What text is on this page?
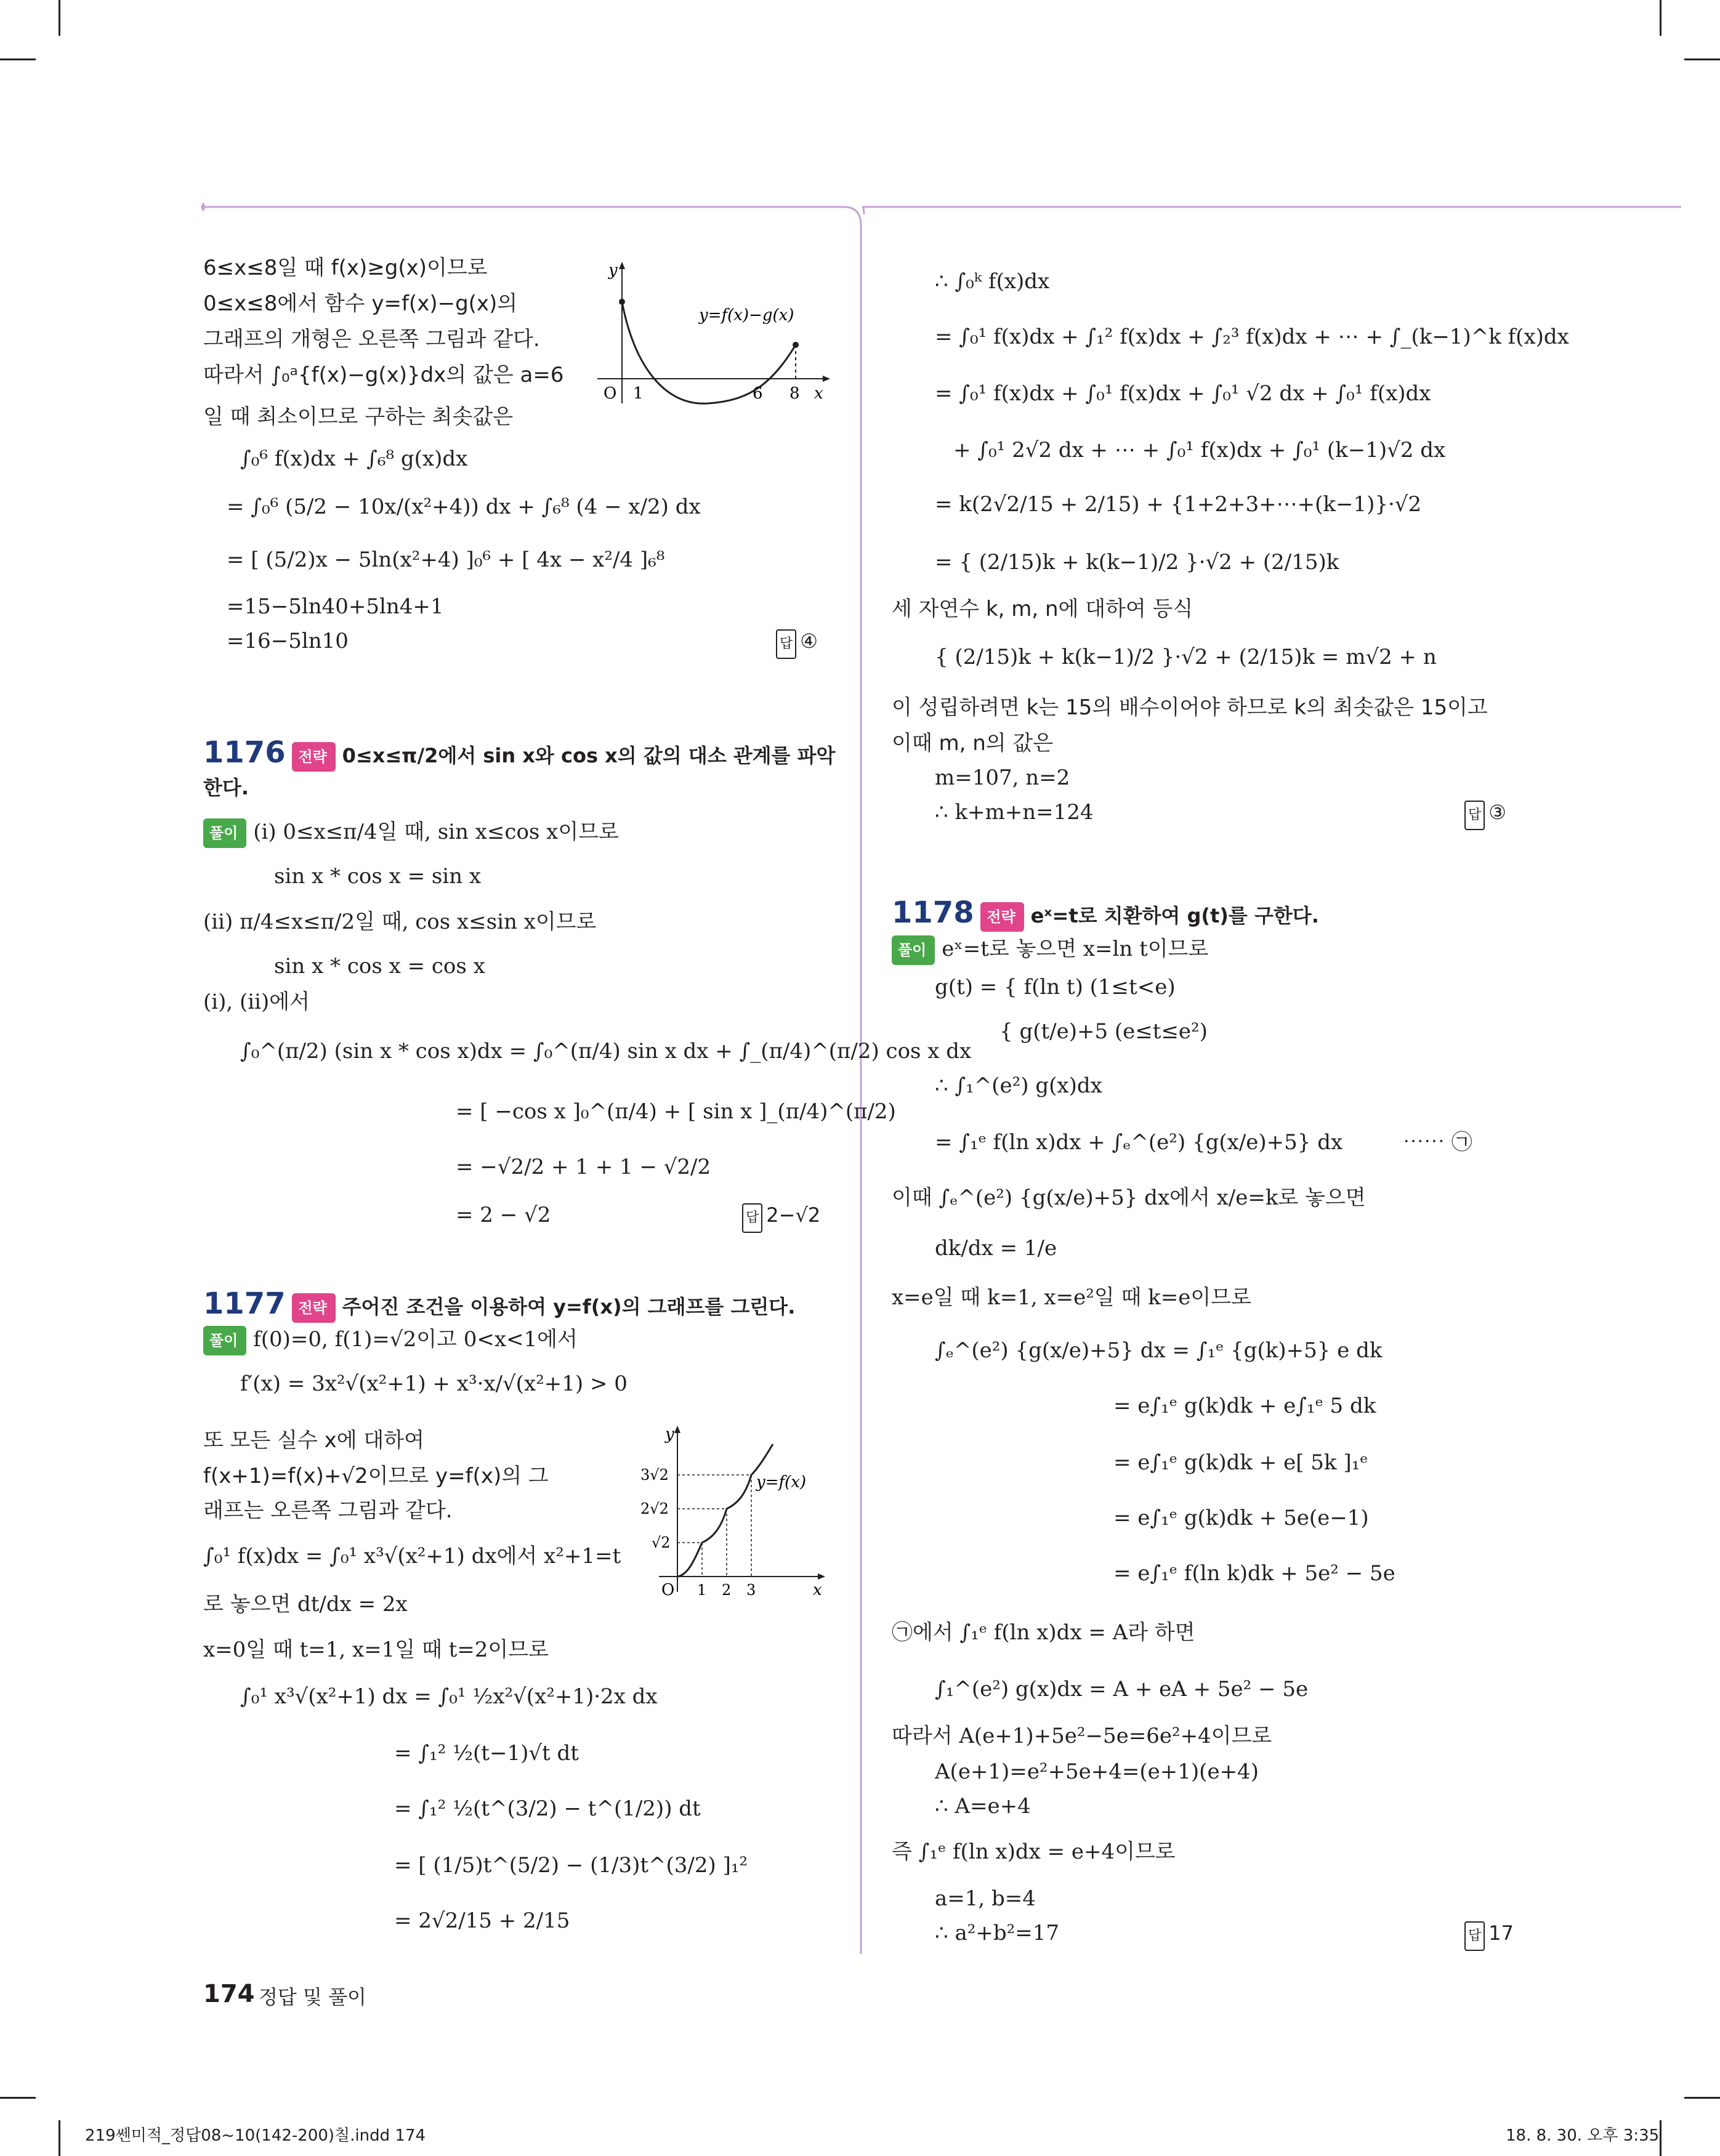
6≤x≤8일 때 f(x)≥g(x)이므로
0≤x≤8에서 함수 y=f(x)−g(x)의
그래프의 개형은 오른쪽 그림과 같다.
따라서 ∫₀ᵃ{f(x)−g(x)}dx의 값은 a=6
일 때 최소이므로 구하는 최솟값은
∫₀⁶ f(x)dx + ∫₆⁸ g(x)dx
= ∫₀⁶ (5/2 − 10x/(x²+4)) dx + ∫₆⁸ (4 − x/2) dx
= [ (5/2)x − 5ln(x²+4) ]₀⁶ + [ 4x − x²/4 ]₆⁸
=15−5ln40+5ln4+1
=16−5ln10	답 ④
y
y=f(x)−g(x)
O 1	6 8 x
1176 전략 0≤x≤π/2에서 sin x와 cos x의 값의 대소 관계를 파악
한다.
풀이 (ⅰ) 0≤x≤π/4일 때, sin x≤cos x이므로
sin x * cos x = sin x
(ⅱ) π/4≤x≤π/2일 때, cos x≤sin x이므로
sin x * cos x = cos x
(ⅰ), (ⅱ)에서
∫₀^(π/2) (sin x * cos x)dx = ∫₀^(π/4) sin x dx + ∫_(π/4)^(π/2) cos x dx
= [ −cos x ]₀^(π/4) + [ sin x ]_(π/4)^(π/2)
= −√2/2 + 1 + 1 − √2/2
= 2 − √2	답 2−√2
1177 전략 주어진 조건을 이용하여 y=f(x)의 그래프를 그린다.
풀이 f(0)=0, f(1)=√2이고 0<x<1에서
f′(x) = 3x²√(x²+1) + x³·x/√(x²+1) > 0
또 모든 실수 x에 대하여
f(x+1)=f(x)+√2이므로 y=f(x)의 그
래프는 오른쪽 그림과 같다.
∫₀¹ f(x)dx = ∫₀¹ x³√(x²+1) dx에서 x²+1=t
로 놓으면 dt/dx = 2x
x=0일 때 t=1, x=1일 때 t=2이므로
∫₀¹ x³√(x²+1) dx = ∫₀¹ ½x²√(x²+1)·2x dx
= ∫₁² ½(t−1)√t dt
= ∫₁² ½(t^(3/2) − t^(1/2)) dt
= [ (1/5)t^(5/2) − (1/3)t^(3/2) ]₁²
= 2√2/15 + 2/15
y
y=f(x)
3√2
2√2
√2
O 1 2 3	x
∴ ∫₀ᵏ f(x)dx
= ∫₀¹ f(x)dx + ∫₁² f(x)dx + ∫₂³ f(x)dx + ⋯ + ∫_(k−1)^k f(x)dx
= ∫₀¹ f(x)dx + ∫₀¹ f(x)dx + ∫₀¹ √2 dx + ∫₀¹ f(x)dx
+ ∫₀¹ 2√2 dx + ⋯ + ∫₀¹ f(x)dx + ∫₀¹ (k−1)√2 dx
= k(2√2/15 + 2/15) + {1+2+3+⋯+(k−1)}·√2
= { (2/15)k + k(k−1)/2 }·√2 + (2/15)k
세 자연수 k, m, n에 대하여 등식
{ (2/15)k + k(k−1)/2 }·√2 + (2/15)k = m√2 + n
이 성립하려면 k는 15의 배수이어야 하므로 k의 최솟값은 15이고
이때 m, n의 값은
m=107, n=2
∴ k+m+n=124	답 ③
1178 전략 eˣ=t로 치환하여 g(t)를 구한다.
풀이 eˣ=t로 놓으면 x=ln t이므로
g(t) = { f(ln t) (1≤t<e)
{ g(t/e)+5 (e≤t≤e²)
∴ ∫₁^(e²) g(x)dx
= ∫₁ᵉ f(ln x)dx + ∫ₑ^(e²) {g(x/e)+5} dx	⋯⋯ ㉠
이때 ∫ₑ^(e²) {g(x/e)+5} dx에서 x/e=k로 놓으면
dk/dx = 1/e
x=e일 때 k=1, x=e²일 때 k=e이므로
∫ₑ^(e²) {g(x/e)+5} dx = ∫₁ᵉ {g(k)+5} e dk
= e∫₁ᵉ g(k)dk + e∫₁ᵉ 5 dk
= e∫₁ᵉ g(k)dk + e[ 5k ]₁ᵉ
= e∫₁ᵉ g(k)dk + 5e(e−1)
= e∫₁ᵉ f(ln k)dk + 5e² − 5e
㉠에서 ∫₁ᵉ f(ln x)dx = A라 하면
∫₁^(e²) g(x)dx = A + eA + 5e² − 5e
따라서 A(e+1)+5e²−5e=6e²+4이므로
A(e+1)=e²+5e+4=(e+1)(e+4)
∴ A=e+4
즉 ∫₁ᵉ f(ln x)dx = e+4이므로
a=1, b=4
∴ a²+b²=17	답 17
174 정답 및 풀이
219쎈미적_정답08~10(142-200)칠.indd 174	18. 8. 30. 오후 3:35
